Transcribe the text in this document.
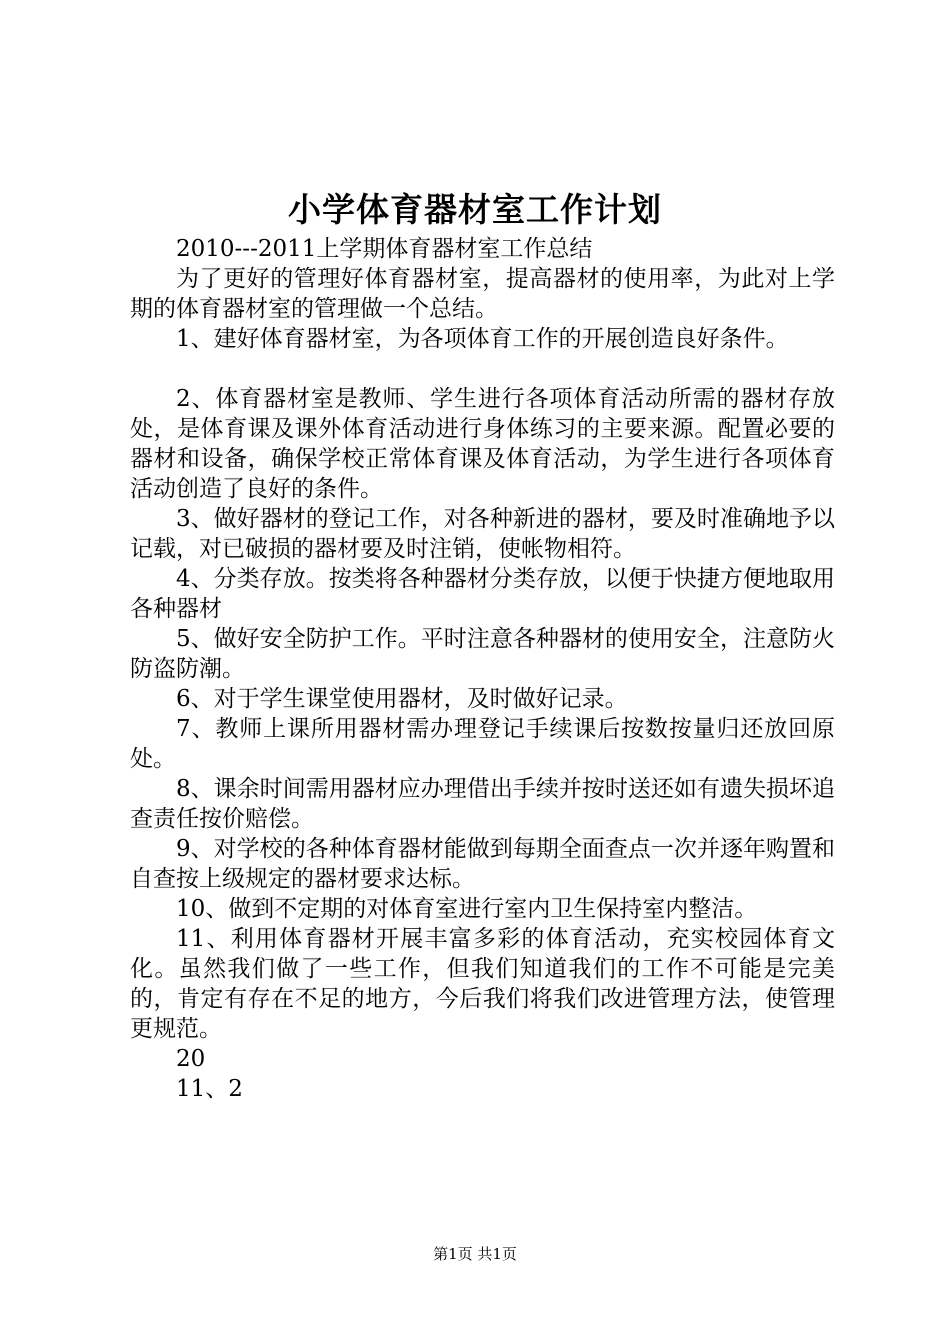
小学体育器材室工作计划

2010---2011上学期体育器材室工作总结

为了更好的管理好体育器材室，提高器材的使用率，为此对上学期的体育器材室的管理做一个总结。

1、建好体育器材室，为各项体育工作的开展创造良好条件。

2、体育器材室是教师、学生进行各项体育活动所需的器材存放处，是体育课及课外体育活动进行身体练习的主要来源。配置必要的器材和设备，确保学校正常体育课及体育活动，为学生进行各项体育活动创造了良好的条件。

3、做好器材的登记工作，对各种新进的器材，要及时准确地予以记载，对已破损的器材要及时注销，使帐物相符。

4、分类存放。按类将各种器材分类存放，以便于快捷方便地取用各种器材

5、做好安全防护工作。平时注意各种器材的使用安全，注意防火防盗防潮。

6、对于学生课堂使用器材，及时做好记录。

7、教师上课所用器材需办理登记手续课后按数按量归还放回原处。

8、课余时间需用器材应办理借出手续并按时送还如有遗失损坏追查责任按价赔偿。

9、对学校的各种体育器材能做到每期全面查点一次并逐年购置和自查按上级规定的器材要求达标。

10、做到不定期的对体育室进行室内卫生保持室内整洁。

11、利用体育器材开展丰富多彩的体育活动，充实校园体育文化。虽然我们做了一些工作，但我们知道我们的工作不可能是完美的，肯定有存在不足的地方，今后我们将我们改进管理方法，使管理更规范。

20

11、2

第1页 共1页
